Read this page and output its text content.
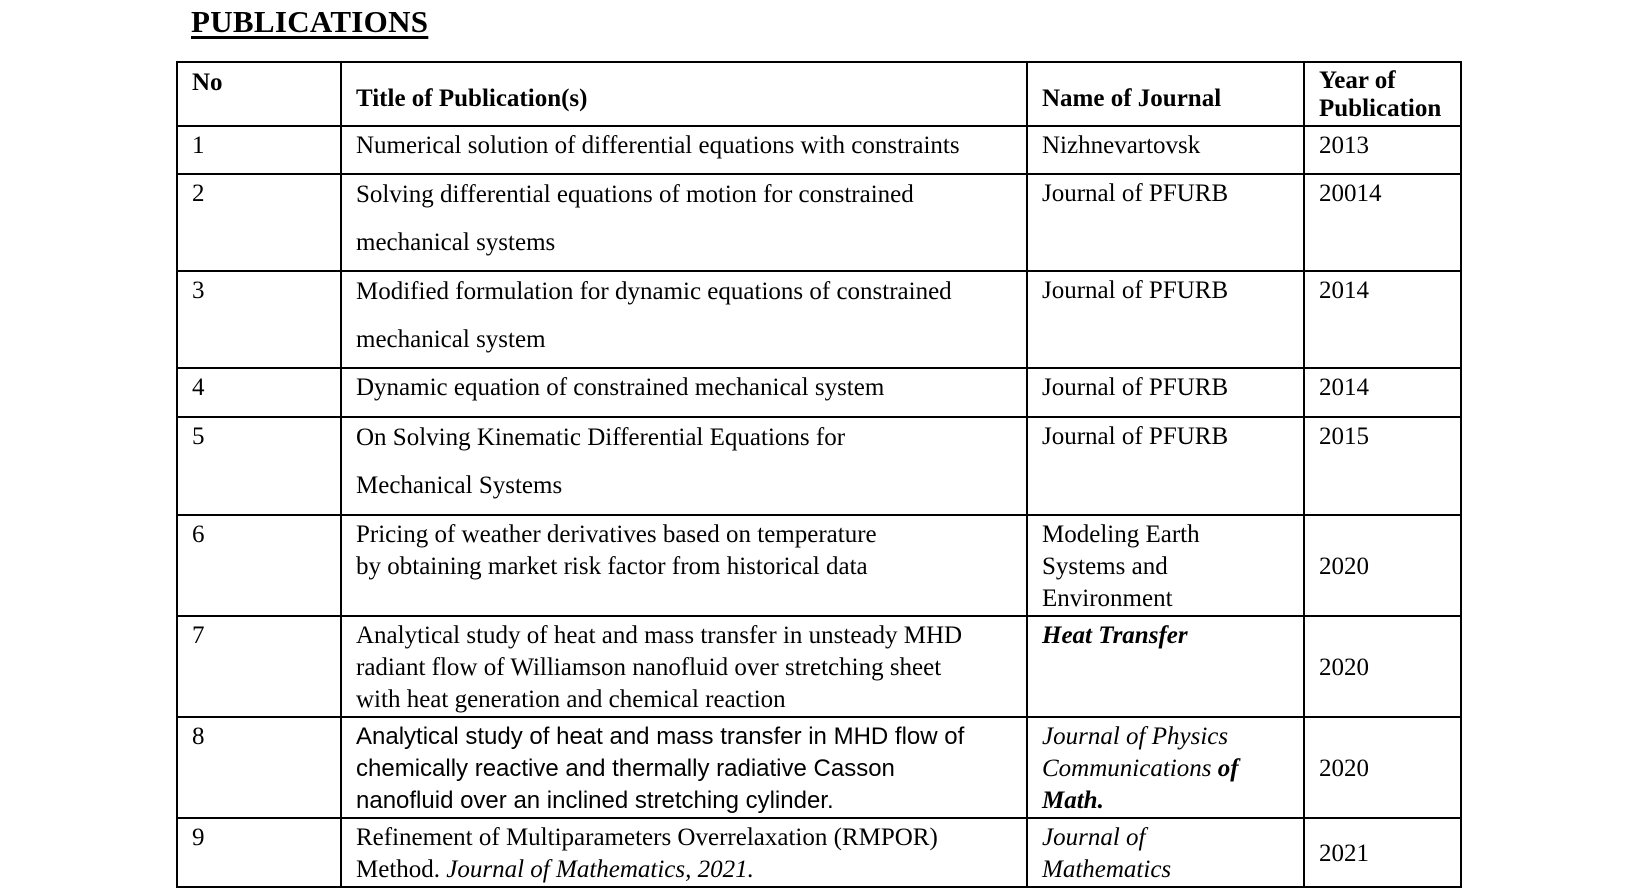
PUBLICATIONS
No	Title of Publication(s)	Name of Journal	Year of
Publication
1	Numerical solution of differential equations with constraints	Nizhnevartovsk	2013
2	Solving differential equations of motion for constrained
mechanical systems	Journal of PFURB	20014
3	Modified formulation for dynamic equations of constrained
mechanical system	Journal of PFURB	2014
4	Dynamic equation of constrained mechanical system	Journal of PFURB	2014
5	On Solving Kinematic Differential Equations for
Mechanical Systems	Journal of PFURB	2015
6	Pricing of weather derivatives based on temperature
by obtaining market risk factor from historical data	Modeling Earth
Systems and
Environment	2020
7	Analytical study of heat and mass transfer in unsteady MHD
radiant flow of Williamson nanofluid over stretching sheet
with heat generation and chemical reaction	Heat Transfer	2020
8	Analytical study of heat and mass transfer in MHD flow of
chemically reactive and thermally radiative Casson
nanofluid over an inclined stretching cylinder.	Journal of Physics
Communications of
Math.	2020
9	Refinement of Multiparameters Overrelaxation (RMPOR)
Method. Journal of Mathematics, 2021.	Journal of
Mathematics	2021
